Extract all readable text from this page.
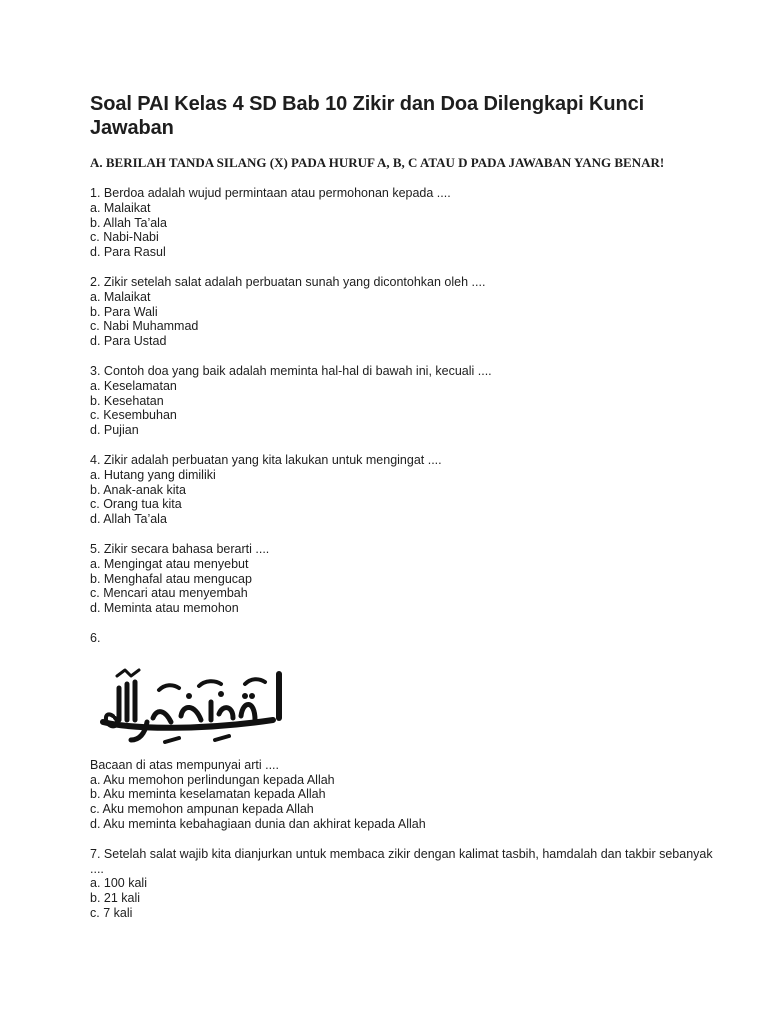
Soal PAI Kelas 4 SD Bab 10 Zikir dan Doa Dilengkapi Kunci Jawaban
A. BERILAH TANDA SILANG (X) PADA HURUF A, B, C ATAU D PADA JAWABAN YANG BENAR!
1. Berdoa adalah wujud permintaan atau permohonan kepada ....
a. Malaikat
b. Allah Ta’ala
c. Nabi-Nabi
d. Para Rasul
2. Zikir setelah salat adalah perbuatan sunah yang dicontohkan oleh ....
a. Malaikat
b. Para Wali
c. Nabi Muhammad
d. Para Ustad
3. Contoh doa yang baik adalah meminta hal-hal di bawah ini, kecuali ....
a. Keselamatan
b. Kesehatan
c. Kesembuhan
d. Pujian
4. Zikir adalah perbuatan yang kita lakukan untuk mengingat ....
a. Hutang yang dimiliki
b. Anak-anak kita
c. Orang tua kita
d. Allah Ta’ala
5. Zikir secara bahasa berarti ....
a. Mengingat atau menyebut
b. Menghafal atau mengucap
c. Mencari atau menyembah
d. Meminta atau memohon
6.
Bacaan di atas mempunyai arti ....
a. Aku memohon perlindungan kepada Allah
b. Aku meminta keselamatan kepada Allah
c. Aku memohon ampunan kepada Allah
d. Aku meminta kebahagiaan dunia dan akhirat kepada Allah
7. Setelah salat wajib kita dianjurkan untuk membaca zikir dengan kalimat tasbih, hamdalah dan takbir sebanyak ....
a. 100 kali
b. 21 kali
c. 7 kali
